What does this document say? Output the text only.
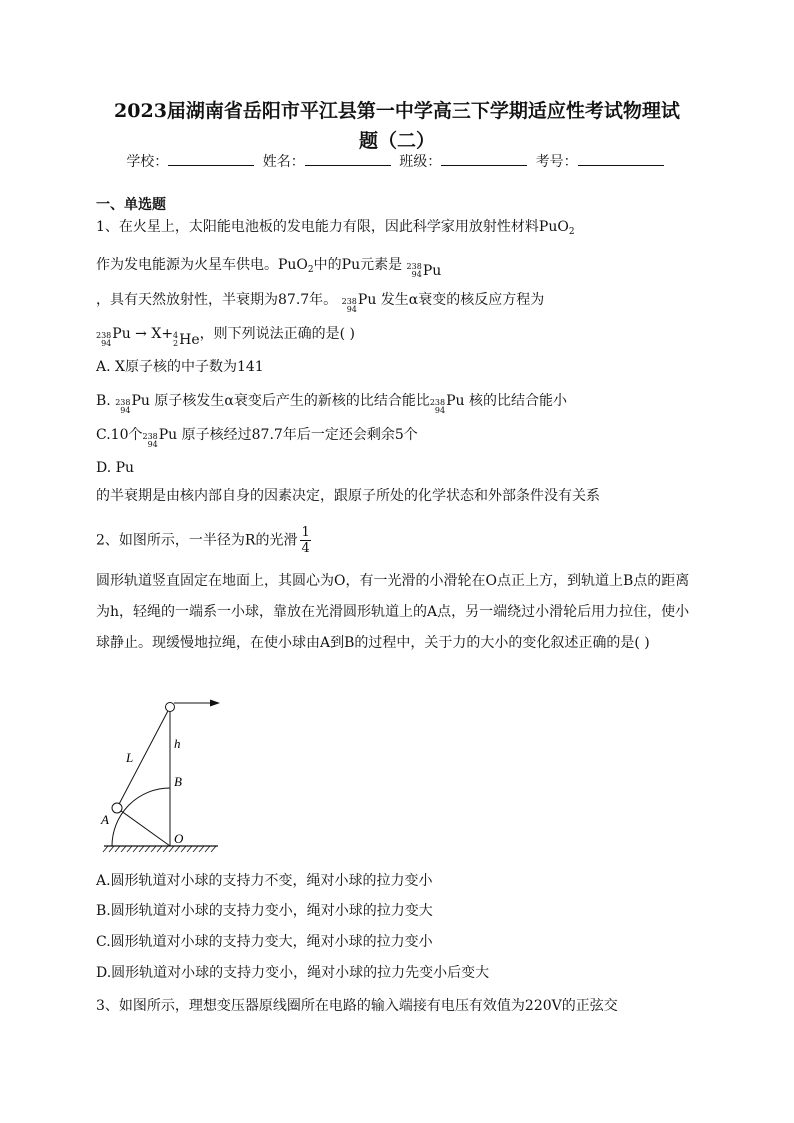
2023届湖南省岳阳市平江县第一中学高三下学期适应性考试物理试
题（二）
学校：	姓名：	班级：	考号：
一、单选题
1、在火星上，太阳能电池板的发电能力有限，因此科学家用放射性材料PuO$_2$
作为发电能源为火星车供电。PuO$_2$中的Pu元素是 238
94 Pu
，具有天然放射性，半衰期为87.7年。 238
94
Pu 发生α衰变的核反应方程为
238
94
Pu → X+ 4
2 He ，则下列说法正确的是( )
A. X原子核的中子数为141
B. 238
94
Pu 原子核发生α衰变后产生的新核的比结合能比 238
94
Pu 核的比结合能小
C.10个 238
94
Pu 原子核经过87.7年后一定还会剩余5个
D. Pu
的半衰期是由核内部自身的因素决定，跟原子所处的化学状态和外部条件没有关系
2、如图所示，一半径为R的光滑 $\frac{1}{4}$
圆形轨道竖直固定在地面上，其圆心为O，有一光滑的小滑轮在O点正上方，到轨道上B点的距离为h，轻绳的一端系一小球，靠放在光滑圆形轨道上的A点，另一端绕过小滑轮后用力拉住，使小球静止。现缓慢地拉绳，在使小球由A到B的过程中，关于力的大小的变化叙述正确的是( )
L
h
B
A
O
A.圆形轨道对小球的支持力不变，绳对小球的拉力变小
B.圆形轨道对小球的支持力变小，绳对小球的拉力变大
C.圆形轨道对小球的支持力变大，绳对小球的拉力变小
D.圆形轨道对小球的支持力变小，绳对小球的拉力先变小后变大
3、如图所示，理想变压器原线圈所在电路的输入端接有电压有效值为220V的正弦交
